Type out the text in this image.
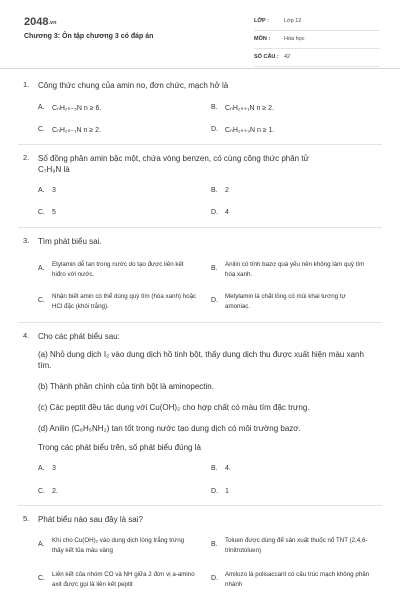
2048.vn
Chương 3: Ôn tập chương 3 có đáp án
LỚP :	Lớp 12
MÔN :	Hóa học
SỐ CÂU : 42
1. Công thức chung của amin no, đơn chức, mạch hở là
A. CₙH₂ₙ₋₅N n ≥ 6.	B. CₙH₂ₙ₊₁N n ≥ 2.
C. CₙH₂ₙ₋₁N n ≥ 2.	D. CₙH₂ₙ₊₃N n ≥ 1.
2. Số đồng phân amin bậc một, chứa vòng benzen, có cùng công thức phân tử
C₇H₉N là
A. 3	B. 2
C. 5	D. 4
3. Tìm phát biểu sai.
A.
Etylamin dễ tan trong nước do tạo được liên kết hiđro với nước.
B.
Anilin có tính bazơ quá yếu nên không làm quỳ tím hóa xanh.
C.
Nhận biết amin có thể dùng quỳ tím (hóa xanh) hoặc HCl đặc (khói trắng).
D.
Metylamin là chất lỏng có mùi khai tương tự amoniac.
4. Cho các phát biểu sau:
(a) Nhỏ dung dịch I₂ vào dung dịch hồ tinh bột, thấy dung dịch thu được xuất hiện màu xanh tím.
(b) Thành phần chính của tinh bột là aminopectin.
(c) Các peptit đều tác dụng với Cu(OH)₂ cho hợp chất có màu tím đặc trưng.
(d) Anilin (C₆H₅NH₂) tan tốt trong nước tạo dung dịch có môi trường bazơ.
Trong các phát biểu trên, số phát biểu đúng là
A. 3	B. 4.
C. 2.	D. 1
5. Phát biểu nào sau đây là sai?
A.
Khi cho Cu(OH)₂ vào dung dịch lòng trắng trứng thấy kết tủa màu vàng
B.
Toluen được dùng để sản xuất thuốc nổ TNT (2,4,6-trinitrotoluen)
C.
Liên kết của nhóm CO và NH giữa 2 đơn vị a-amino axit được gọi là liên kết peptit
D.
Amilozo là polisaccarit có cấu trúc mạch không phân nhánh
